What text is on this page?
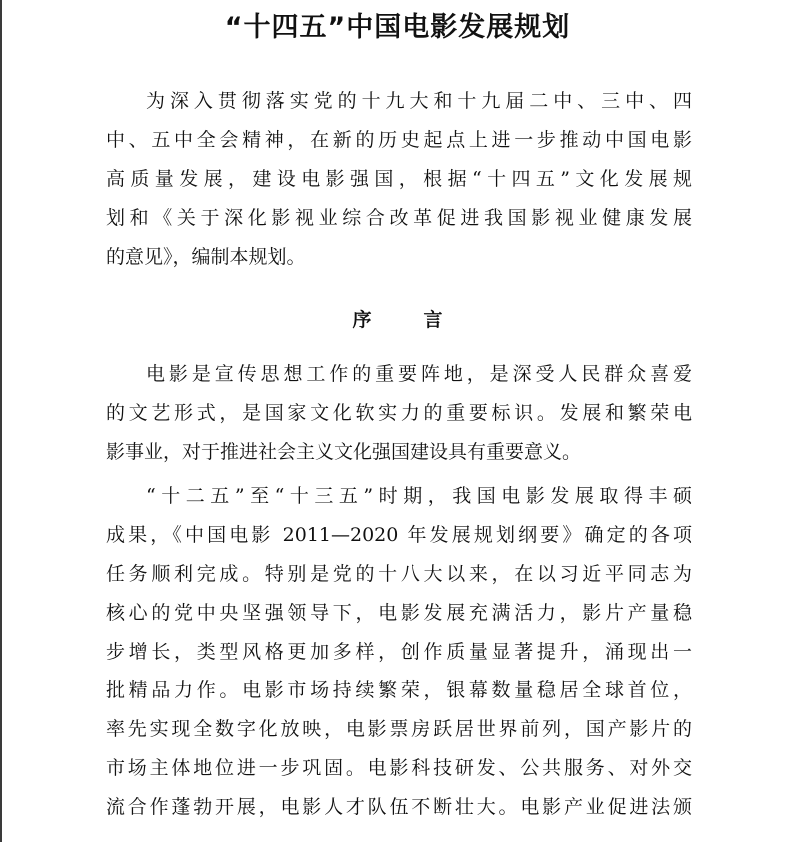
“十四五”中国电影发展规划
为深入贯彻落实党的十九大和十九届二中、三中、四
中、五中全会精神，在新的历史起点上进一步推动中国电影
高质量发展，建设电影强国，根据“十四五”文化发展规
划和《关于深化影视业综合改革促进我国影视业健康发展
的意见》，编制本规划。
序	言
电影是宣传思想工作的重要阵地，是深受人民群众喜爱
的文艺形式，是国家文化软实力的重要标识。发展和繁荣电
影事业，对于推进社会主义文化强国建设具有重要意义。
“十二五”至“十三五”时期，我国电影发展取得丰硕
成果，《中国电影 2011—2020 年发展规划纲要》确定的各项
任务顺利完成。特别是党的十八大以来，在以习近平同志为
核心的党中央坚强领导下，电影发展充满活力，影片产量稳
步增长，类型风格更加多样，创作质量显著提升，涌现出一
批精品力作。电影市场持续繁荣，银幕数量稳居全球首位，
率先实现全数字化放映，电影票房跃居世界前列，国产影片的
市场主体地位进一步巩固。电影科技研发、公共服务、对外交
流合作蓬勃开展，电影人才队伍不断壮大。电影产业促进法颁
